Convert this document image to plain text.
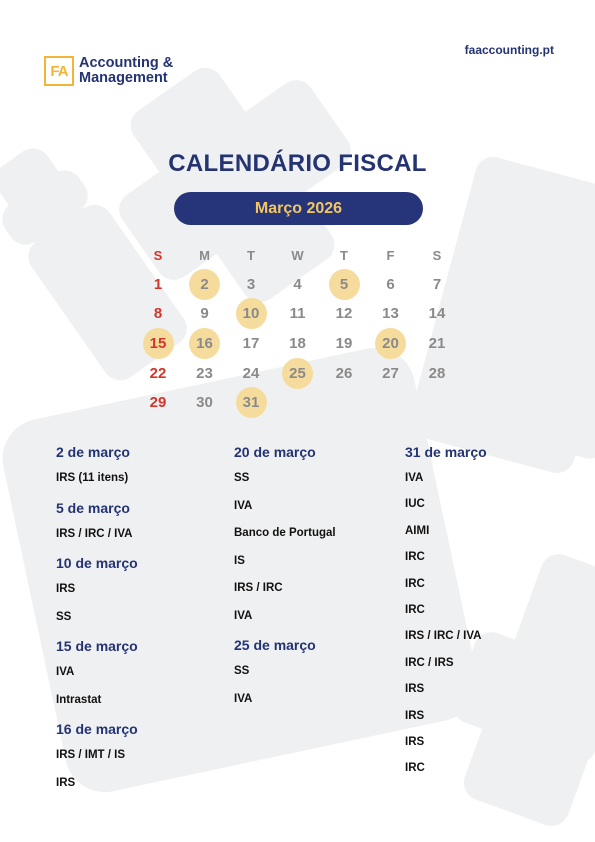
FA Accounting &
Management
faaccounting.pt
CALENDÁRIO FISCAL
Março 2026
S	M	T	W	T	F	S
1	2	3	4	5	6	7
8	9	10	11	12	13	14
15	16	17	18	19	20	21
22	23	24	25	26	27	28
29	30	31
2 de março
IRS (11 itens)
5 de março
IRS / IRC / IVA
10 de março
IRS
SS
15 de março
IVA
Intrastat
16 de março
IRS / IMT / IS
IRS
20 de março
SS
IVA
Banco de Portugal
IS
IRS / IRC
IVA
25 de março
SS
IVA
31 de março
IVA
IUC
AIMI
IRC
IRC
IRC
IRS / IRC / IVA
IRC / IRS
IRS
IRS
IRS
IRC
